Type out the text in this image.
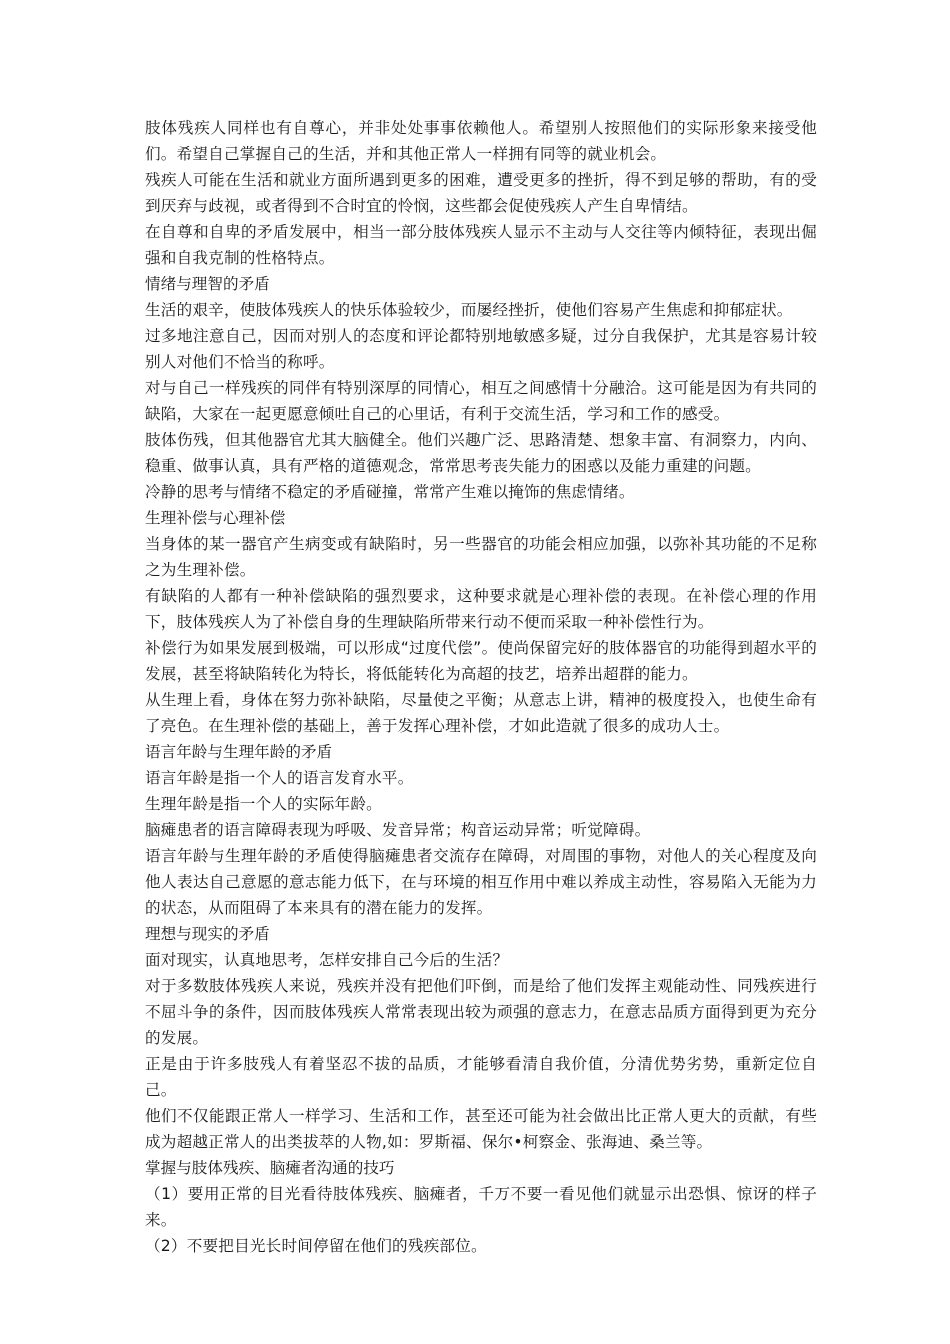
肢体残疾人同样也有自尊心，并非处处事事依赖他人。希望别人按照他们的实际形象来接受他们。希望自己掌握自己的生活，并和其他正常人一样拥有同等的就业机会。

残疾人可能在生活和就业方面所遇到更多的困难，遭受更多的挫折，得不到足够的帮助，有的受到厌弃与歧视，或者得到不合时宜的怜悯，这些都会促使残疾人产生自卑情结。

在自尊和自卑的矛盾发展中，相当一部分肢体残疾人显示不主动与人交往等内倾特征，表现出倔强和自我克制的性格特点。

情绪与理智的矛盾

生活的艰辛，使肢体残疾人的快乐体验较少，而屡经挫折，使他们容易产生焦虑和抑郁症状。

过多地注意自己，因而对别人的态度和评论都特别地敏感多疑，过分自我保护，尤其是容易计较别人对他们不恰当的称呼。

对与自己一样残疾的同伴有特别深厚的同情心，相互之间感情十分融洽。这可能是因为有共同的缺陷，大家在一起更愿意倾吐自己的心里话，有利于交流生活，学习和工作的感受。

肢体伤残，但其他器官尤其大脑健全。他们兴趣广泛、思路清楚、想象丰富、有洞察力，内向、稳重、做事认真，具有严格的道德观念，常常思考丧失能力的困惑以及能力重建的问题。

冷静的思考与情绪不稳定的矛盾碰撞，常常产生难以掩饰的焦虑情绪。

生理补偿与心理补偿

当身体的某一器官产生病变或有缺陷时，另一些器官的功能会相应加强，以弥补其功能的不足称之为生理补偿。

有缺陷的人都有一种补偿缺陷的强烈要求，这种要求就是心理补偿的表现。在补偿心理的作用下，肢体残疾人为了补偿自身的生理缺陷所带来行动不便而采取一种补偿性行为。

补偿行为如果发展到极端，可以形成“过度代偿”。使尚保留完好的肢体器官的功能得到超水平的发展，甚至将缺陷转化为特长，将低能转化为高超的技艺，培养出超群的能力。

从生理上看，身体在努力弥补缺陷，尽量使之平衡；从意志上讲，精神的极度投入，也使生命有了亮色。在生理补偿的基础上，善于发挥心理补偿，才如此造就了很多的成功人士。

语言年龄与生理年龄的矛盾

语言年龄是指一个人的语言发育水平。

生理年龄是指一个人的实际年龄。

脑瘫患者的语言障碍表现为呼吸、发音异常；构音运动异常；听觉障碍。

语言年龄与生理年龄的矛盾使得脑瘫患者交流存在障碍，对周围的事物，对他人的关心程度及向他人表达自己意愿的意志能力低下，在与环境的相互作用中难以养成主动性，容易陷入无能为力的状态，从而阻碍了本来具有的潜在能力的发挥。

理想与现实的矛盾

面对现实，认真地思考，怎样安排自己今后的生活？

对于多数肢体残疾人来说，残疾并没有把他们吓倒，而是给了他们发挥主观能动性、同残疾进行不屈斗争的条件，因而肢体残疾人常常表现出较为顽强的意志力，在意志品质方面得到更为充分的发展。

正是由于许多肢残人有着坚忍不拔的品质，才能够看清自我价值，分清优势劣势，重新定位自己。

他们不仅能跟正常人一样学习、生活和工作，甚至还可能为社会做出比正常人更大的贡献，有些成为超越正常人的出类拔萃的人物,如：罗斯福、保尔•柯察金、张海迪、桑兰等。

掌握与肢体残疾、脑瘫者沟通的技巧

（1）要用正常的目光看待肢体残疾、脑瘫者，千万不要一看见他们就显示出恐惧、惊讶的样子来。

（2）不要把目光长时间停留在他们的残疾部位。
